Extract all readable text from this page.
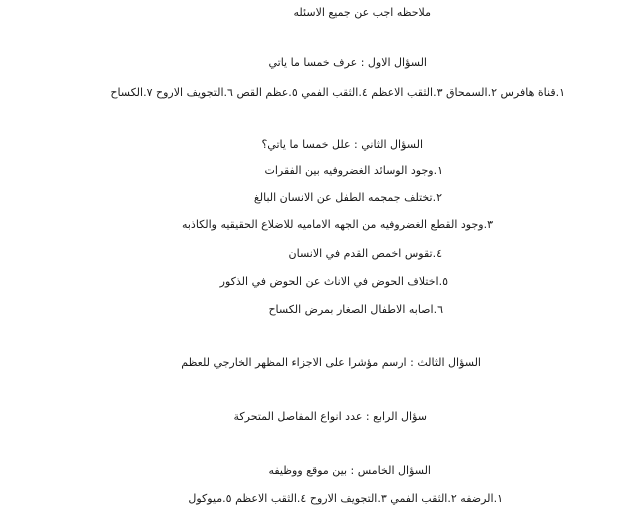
ملاحظه اجب عن جميع الاسئله
السؤال الاول : عرف خمسا ما ياتي
١.قناة هافرس ٢.السمحاق ٣.الثقب الاعظم ٤.الثقب الفمي ٥.عظم القص ٦.التجويف الاروح ٧.الكساح
السؤال الثاني : علل خمسا ما ياتي؟
١.وجود الوسائد الغضروفيه بين الفقرات
٢.تختلف جمجمه الطفل عن الانسان البالغ
٣.وجود القطع الغضروفيه من الجهه الاماميه للاضلاع الحقيقيه والكاذبه
٤.تقوس اخمص القدم في الانسان
٥.اختلاف الحوض في الاناث عن الحوض في الذكور
٦.اصابه الاطفال الصغار بمرض الكساح
السؤال الثالث : ارسم مؤشرا على الاجزاء المظهر الخارجي للعظم
سؤال الرابع : عدد انواع المفاصل المتحركة
السؤال الخامس : بين موقع ووظيفه
١.الرضفه ٢.الثقب الفمي ٣.التجويف الاروح ٤.الثقب الاعظم ٥.ميوكول
